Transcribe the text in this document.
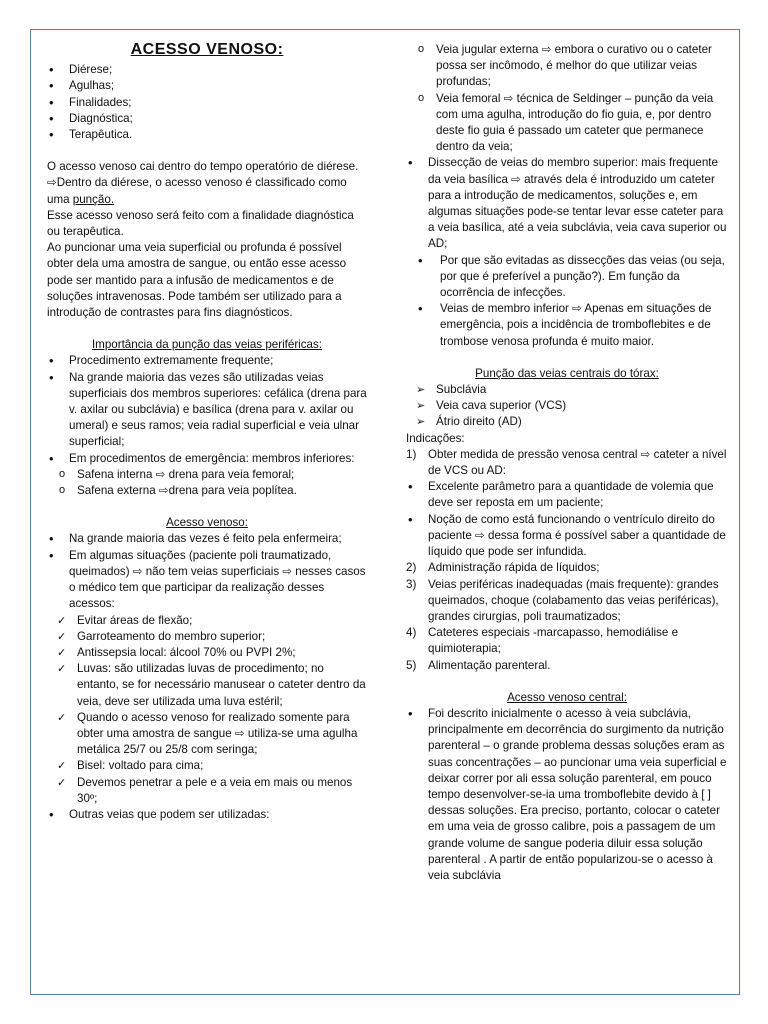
ACESSO VENOSO:
• Diérese;
• Agulhas;
• Finalidades;
• Diagnóstica;
• Terapêutica.

O acesso venoso cai dentro do tempo operatório de diérese.

⇨Dentro da diérese, o acesso venoso é classificado como uma punção.

Esse acesso venoso será feito com a finalidade diagnóstica ou terapêutica.

Ao puncionar uma veia superficial ou profunda é possível obter dela uma amostra de sangue, ou então esse acesso pode ser mantido para a infusão de medicamentos e de soluções intravenosas. Pode também ser utilizado para a introdução de contrastes para fins diagnósticos.

Importância da punção das veias periféricas:

• Procedimento extremamente frequente;
• Na grande maioria das vezes são utilizadas veias superficiais dos membros superiores: cefálica (drena para v. axilar ou subclávia) e basílica (drena para v. axilar ou umeral) e seus ramos; veia radial superficial e veia ulnar superficial;
• Em procedimentos de emergência: membros inferiores:
o Safena interna ⇨ drena para veia femoral;
o Safena externa ⇨drena para veia poplítea.

Acesso venoso:

• Na grande maioria das vezes é feito pela enfermeira;
• Em algumas situações (paciente poli traumatizado, queimados) ⇨ não tem veias superficiais ⇨ nesses casos o médico tem que participar da realização desses acessos:
✓ Evitar áreas de flexão;
✓ Garroteamento do membro superior;
✓ Antissepsia local: álcool 70% ou PVPI 2%;
✓ Luvas: são utilizadas luvas de procedimento; no entanto, se for necessário manusear o cateter dentro da veia, deve ser utilizada uma luva estéril;
✓ Quando o acesso venoso for realizado somente para obter uma amostra de sangue ⇨ utiliza-se uma agulha metálica 25/7 ou 25/8 com seringa;
✓ Bisel: voltado para cima;
✓ Devemos penetrar a pele e a veia em mais ou menos 30º;
• Outras veias que podem ser utilizadas:
o Veia jugular externa ⇨ embora o curativo ou o cateter possa ser incômodo, é melhor do que utilizar veias profundas;
o Veia femoral ⇨ técnica de Seldinger – punção da veia com uma agulha, introdução do fio guia, e, por dentro deste fio guia é passado um cateter que permanece dentro da veia;
• Dissecção de veias do membro superior: mais frequente da veia basílica ⇨ através dela é introduzido um cateter para a introdução de medicamentos, soluções e, em algumas situações pode-se tentar levar esse cateter para a veia basílica, até a veia subclávia, veia cava superior ou AD;
• Por que são evitadas as dissecções das veias (ou seja, por que é preferível a punção?). Em função da ocorrência de infecções.
• Veias de membro inferior ⇨ Apenas em situações de emergência, pois a incidência de tromboflebites e de trombose venosa profunda é muito maior.

Punção das veias centrais do tórax:

➢ Subclávia
➢ Veia cava superior (VCS)
➢ Átrio direito (AD)

Indicações:

1) Obter medida de pressão venosa central ⇨ cateter a nível de VCS ou AD:
• Excelente parâmetro para a quantidade de volemia que deve ser reposta em um paciente;
• Noção de como está funcionando o ventrículo direito do paciente ⇨ dessa forma é possível saber a quantidade de líquido que pode ser infundida.
2) Administração rápida de líquidos;
3) Veias periféricas inadequadas (mais frequente): grandes queimados, choque (colabamento das veias periféricas), grandes cirurgias, poli traumatizados;
4) Cateteres especiais -marcapasso, hemodiálise e quimioterapia;
5) Alimentação parenteral.

Acesso venoso central:

• Foi descrito inicialmente o acesso à veia subclávia, principalmente em decorrência do surgimento da nutrição parenteral – o grande problema dessas soluções eram as suas concentrações – ao puncionar uma veia superficial e deixar correr por ali essa solução parenteral, em pouco tempo desenvolver-se-ia uma tromboflebite devido à [ ] dessas soluções. Era preciso, portanto, colocar o cateter em uma veia de grosso calibre, pois a passagem de um grande volume de sangue poderia diluir essa solução parenteral . A partir de então popularizou-se o acesso à veia subclávia
